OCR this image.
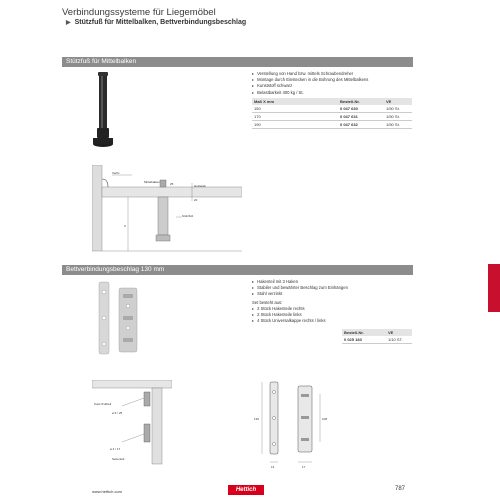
Verbindungssysteme für Liegemöbel
▶ Stützfuß für Mittelbalken, Bettverbindungsbeschlag
Stützfuß für Mittelbalken
▸ Verstellung von Hand bzw. mittels Schraubendreher
▸ Montage durch Einstecken in die Bohrung des Mittelbalkens
▸ Kunststoff schwarz
▸ Belastbarkeit 400 kg / St.
Maß X mm	Bestell-Nr.	VE
150	0 047 630	1/50 St.
170	0 047 631	1/50 St.
190	0 047 632	1/50 St.
Verfix
Mittelbalken
Holzstab
Stützfuß
25
20
X
Bettverbindungsbeschlag 130 mm
▸ Hakenteil mit 3 Haken
▸ Stabiler und bewährter Beschlag zum Einhängen
▸ Stahl verzinkt
Set besteht aus:
▸ 2 Stück Hakenteile rechts
▸ 2 Stück Hakenteile links
▸ 4 Stück Universalkappe rechts / links
Bestell-Nr.	VE
0 025 183	1/10 ST.
Kopf-/Fußteil
ø 6 / 25
ø 4 / 17
Seitenteil
130	108
13	17
www.hettich.com	Hettich	787
